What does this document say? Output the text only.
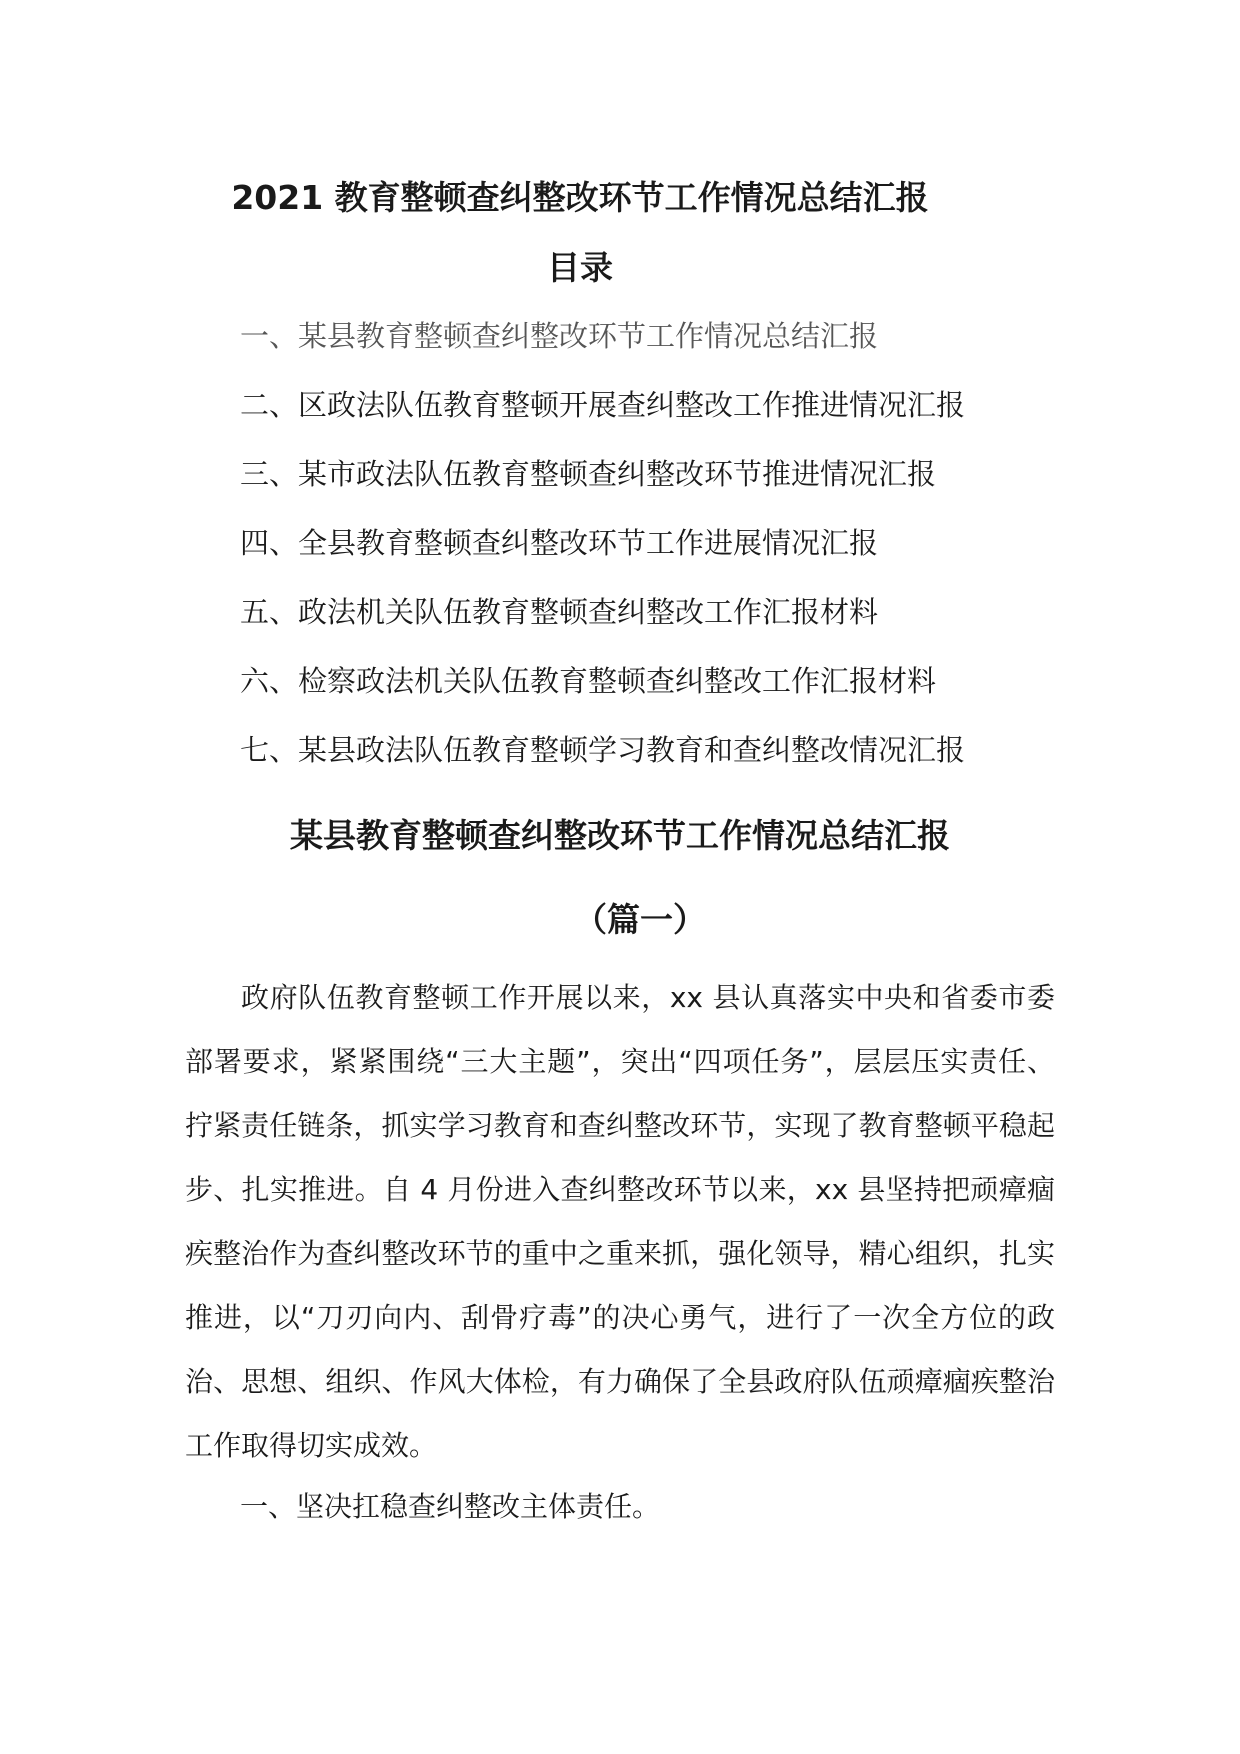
2021 教育整顿查纠整改环节工作情况总结汇报
目录
一、某县教育整顿查纠整改环节工作情况总结汇报
二、区政法队伍教育整顿开展查纠整改工作推进情况汇报
三、某市政法队伍教育整顿查纠整改环节推进情况汇报
四、全县教育整顿查纠整改环节工作进展情况汇报
五、政法机关队伍教育整顿查纠整改工作汇报材料
六、检察政法机关队伍教育整顿查纠整改工作汇报材料
七、某县政法队伍教育整顿学习教育和查纠整改情况汇报
某县教育整顿查纠整改环节工作情况总结汇报
（篇一）

政府队伍教育整顿工作开展以来，xx 县认真落实中央和省委市委部署要求，紧紧围绕“三大主题”，突出“四项任务”，层层压实责任、拧紧责任链条，抓实学习教育和查纠整改环节，实现了教育整顿平稳起步、扎实推进。自 4 月份进入查纠整改环节以来，xx 县坚持把顽瘴痼疾整治作为查纠整改环节的重中之重来抓，强化领导，精心组织，扎实推进，以“刀刃向内、刮骨疗毒”的决心勇气，进行了一次全方位的政治、思想、组织、作风大体检，有力确保了全县政府队伍顽瘴痼疾整治工作取得切实成效。

一、坚决扛稳查纠整改主体责任。
